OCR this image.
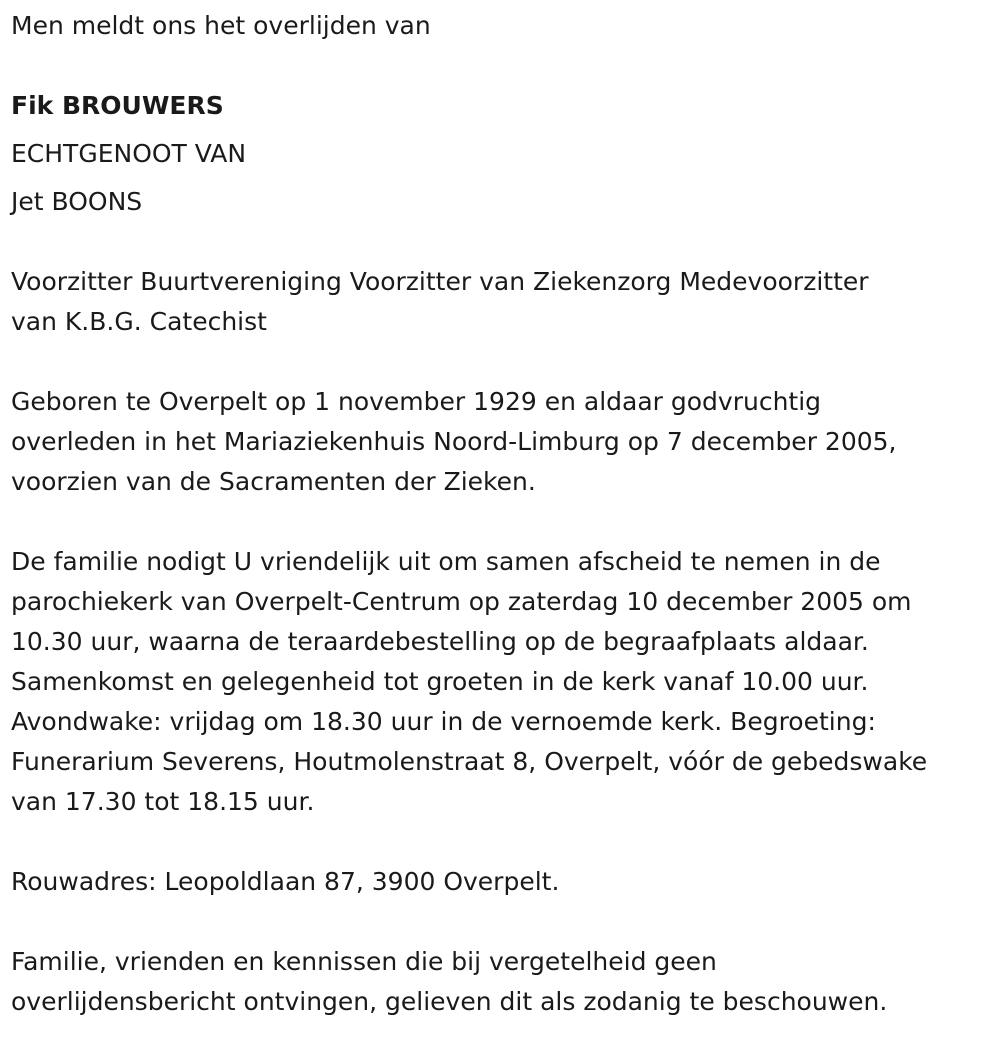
Men meldt ons het overlijden van
Fik BROUWERS
ECHTGENOOT VAN
Jet BOONS
Voorzitter Buurtvereniging Voorzitter van Ziekenzorg Medevoorzitter
van K.B.G. Catechist
Geboren te Overpelt op 1 november 1929 en aldaar godvruchtig
overleden in het Mariaziekenhuis Noord-Limburg op 7 december 2005,
voorzien van de Sacramenten der Zieken.
De familie nodigt U vriendelijk uit om samen afscheid te nemen in de
parochiekerk van Overpelt-Centrum op zaterdag 10 december 2005 om
10.30 uur, waarna de teraardebestelling op de begraafplaats aldaar.
Samenkomst en gelegenheid tot groeten in de kerk vanaf 10.00 uur.
Avondwake: vrijdag om 18.30 uur in de vernoemde kerk. Begroeting:
Funerarium Severens, Houtmolenstraat 8, Overpelt, vóór de gebedswake
van 17.30 tot 18.15 uur.
Rouwadres: Leopoldlaan 87, 3900 Overpelt.
Familie, vrienden en kennissen die bij vergetelheid geen
overlijdensbericht ontvingen, gelieven dit als zodanig te beschouwen.
